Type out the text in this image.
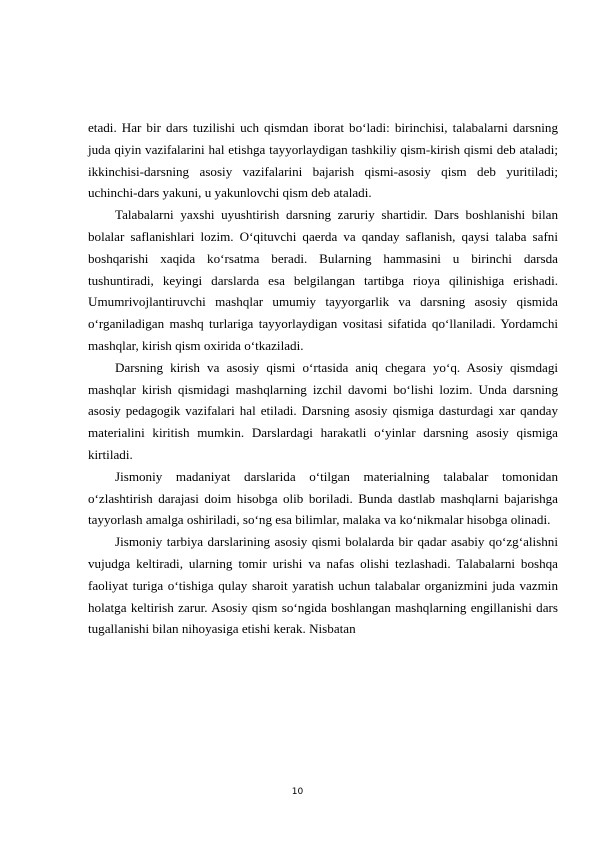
etadi. Har bir dars tuzilishi uch qismdan iborat bo‘ladi: birinchisi, talabalarni darsning juda qiyin vazifalarini hal etishga tayyorlaydigan tashkiliy qism-kirish qismi deb ataladi; ikkinchisi-darsning asosiy vazifalarini bajarish qismi-asosiy qism deb yuritiladi; uchinchi-dars yakuni, u yakunlovchi qism deb ataladi.

Talabalarni yaxshi uyushtirish darsning zaruriy shartidir. Dars boshlanishi bilan bolalar saflanishlari lozim. O‘qituvchi qaerda va qanday saflanish, qaysi talaba safni boshqarishi xaqida ko‘rsatma beradi. Bularning hammasini u birinchi darsda tushuntiradi, keyingi darslarda esa belgilangan tartibga rioya qilinishiga erishadi. Umumrivojlantiruvchi mashqlar umumiy tayyorgarlik va darsning asosiy qismida o‘rganiladigan mashq turlariga tayyorlaydigan vositasi sifatida qo‘llaniladi. Yordamchi mashqlar, kirish qism oxirida o‘tkaziladi.

Darsning kirish va asosiy qismi o‘rtasida aniq chegara yo‘q. Asosiy qismdagi mashqlar kirish qismidagi mashqlarning izchil davomi bo‘lishi lozim. Unda darsning asosiy pedagogik vazifalari hal etiladi. Darsning asosiy qismiga dasturdagi xar qanday materialini kiritish mumkin. Darslardagi harakatli o‘yinlar darsning asosiy qismiga kirtiladi.

Jismoniy madaniyat darslarida o‘tilgan materialning talabalar tomonidan o‘zlashtirish darajasi doim hisobga olib boriladi. Bunda dastlab mashqlarni bajarishga tayyorlash amalga oshiriladi, so‘ng esa bilimlar, malaka va ko‘nikmalar hisobga olinadi.

Jismoniy tarbiya darslarining asosiy qismi bolalarda bir qadar asabiy qo‘zg‘alishni vujudga keltiradi, ularning tomir urishi va nafas olishi tezlashadi. Talabalarni boshqa faoliyat turiga o‘tishiga qulay sharoit yaratish uchun talabalar organizmini juda vazmin holatga keltirish zarur. Asosiy qism so‘ngida boshlangan mashqlarning engillanishi dars tugallanishi bilan nihoyasiga etishi kerak. Nisbatan

10
